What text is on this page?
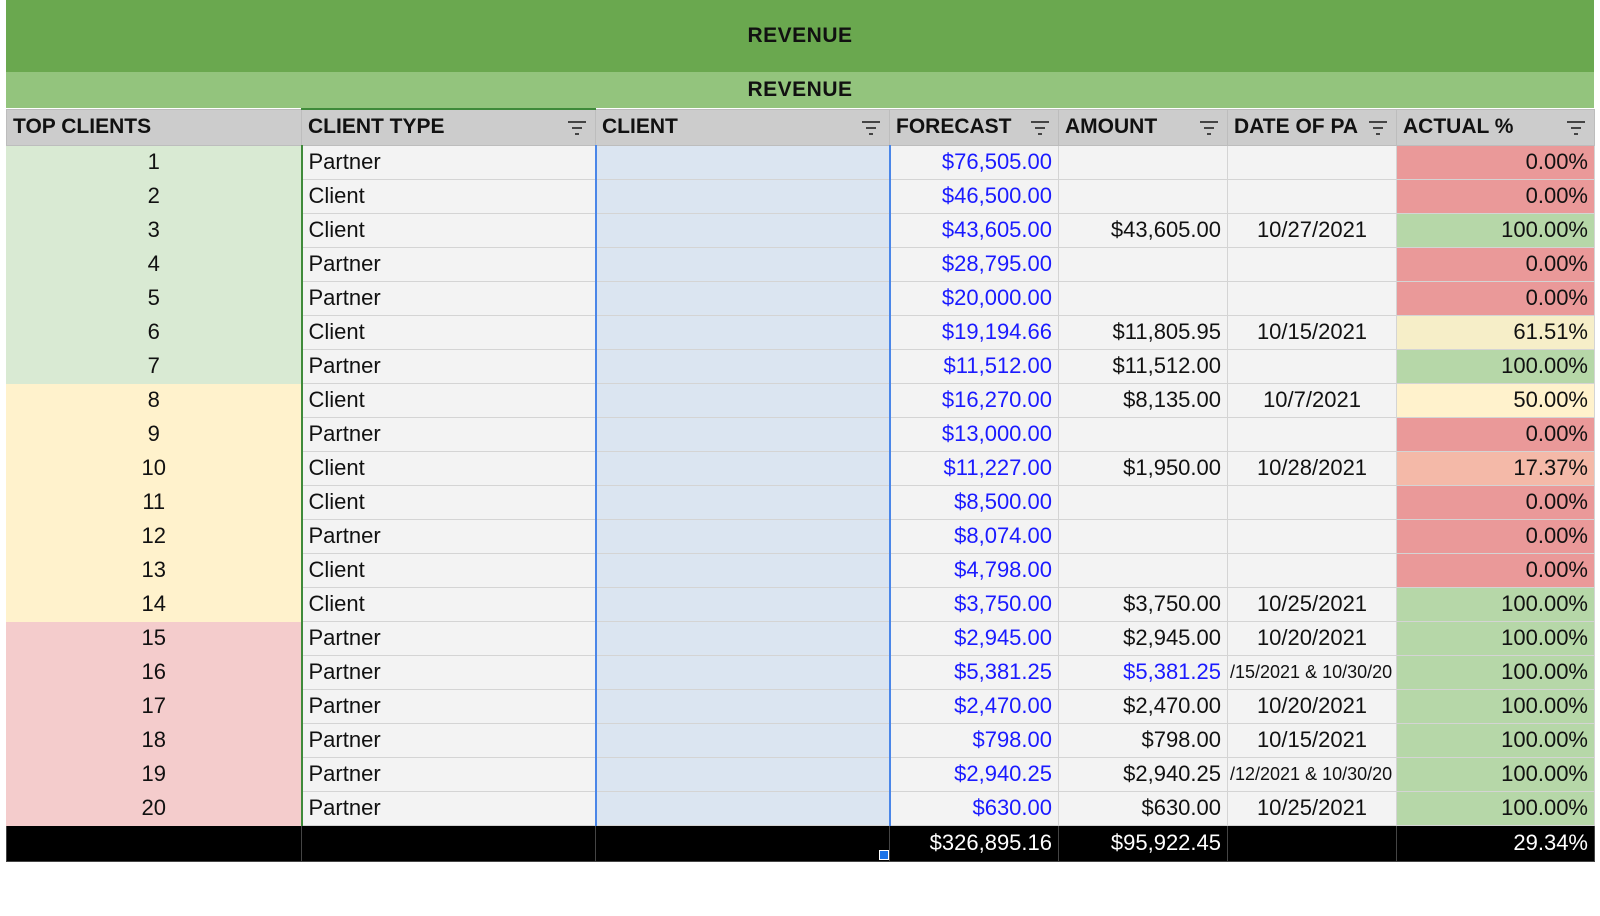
REVENUE
REVENUE
TOP CLIENTS	CLIENT TYPE	CLIENT	FORECAST	AMOUNT	DATE OF PA	ACTUAL %

1	Partner		$76,505.00			0.00%
2	Client		$46,500.00			0.00%
3	Client		$43,605.00	$43,605.00	10/27/2021	100.00%
4	Partner		$28,795.00			0.00%
5	Partner		$20,000.00			0.00%
6	Client		$19,194.66	$11,805.95	10/15/2021	61.51%
7	Partner		$11,512.00	$11,512.00		100.00%
8	Client		$16,270.00	$8,135.00	10/7/2021	50.00%
9	Partner		$13,000.00			0.00%
10	Client		$11,227.00	$1,950.00	10/28/2021	17.37%
11	Client		$8,500.00			0.00%
12	Partner		$8,074.00			0.00%
13	Client		$4,798.00			0.00%
14	Client		$3,750.00	$3,750.00	10/25/2021	100.00%
15	Partner		$2,945.00	$2,945.00	10/20/2021	100.00%
16	Partner		$5,381.25	$5,381.25	/15/2021 & 10/30/20	100.00%
17	Partner		$2,470.00	$2,470.00	10/20/2021	100.00%
18	Partner		$798.00	$798.00	10/15/2021	100.00%
19	Partner		$2,940.25	$2,940.25	/12/2021 & 10/30/20	100.00%
20	Partner		$630.00	$630.00	10/25/2021	100.00%
			$326,895.16	$95,922.45		29.34%
